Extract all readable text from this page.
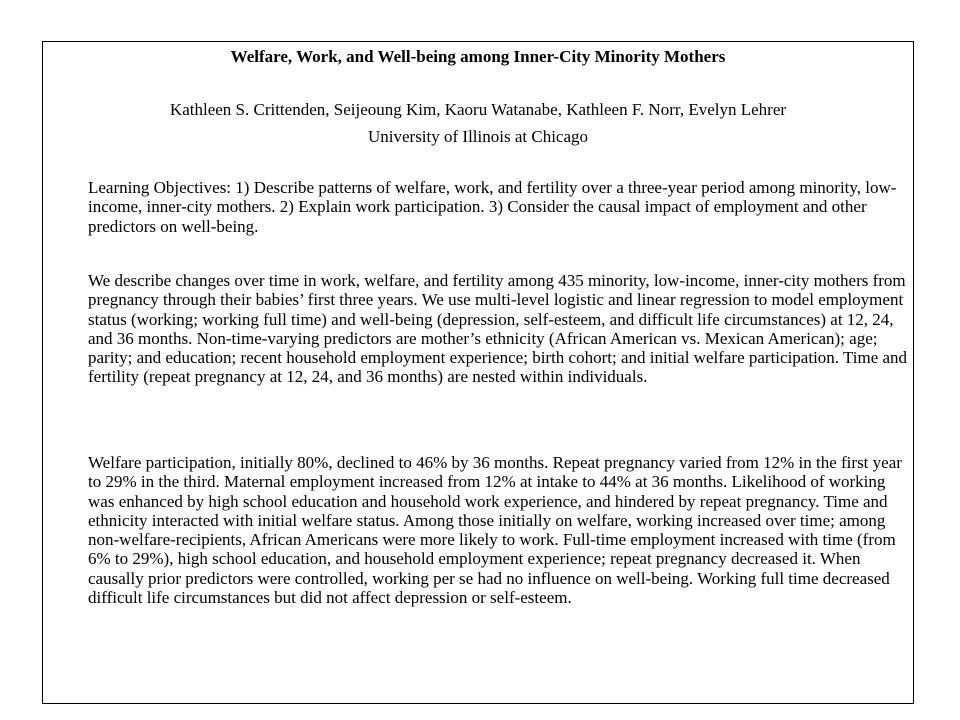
Welfare, Work, and Well-being among Inner-City Minority Mothers
Kathleen S. Crittenden, Seijeoung Kim, Kaoru Watanabe, Kathleen F. Norr, Evelyn Lehrer
University of Illinois at Chicago
Learning Objectives: 1) Describe patterns of welfare, work, and fertility over a three-year period among minority, low-income, inner-city mothers. 2) Explain work participation. 3) Consider the causal impact of employment and other predictors on well-being.
We describe changes over time in work, welfare, and fertility among 435 minority, low-income, inner-city mothers from pregnancy through their babies’ first three years. We use multi-level logistic and linear regression to model employment status (working; working full time) and well-being (depression, self-esteem, and difficult life circumstances) at 12, 24, and 36 months. Non-time-varying predictors are mother’s ethnicity (African American vs. Mexican American); age; parity; and education; recent household employment experience; birth cohort; and initial welfare participation. Time and fertility (repeat pregnancy at 12, 24, and 36 months) are nested within individuals.
Welfare participation, initially 80%, declined to 46% by 36 months. Repeat pregnancy varied from 12% in the first year to 29% in the third. Maternal employment increased from 12% at intake to 44% at 36 months. Likelihood of working was enhanced by high school education and household work experience, and hindered by repeat pregnancy. Time and ethnicity interacted with initial welfare status. Among those initially on welfare, working increased over time; among non-welfare-recipients, African Americans were more likely to work. Full-time employment increased with time (from 6% to 29%), high school education, and household employment experience; repeat pregnancy decreased it. When causally prior predictors were controlled, working per se had no influence on well-being. Working full time decreased difficult life circumstances but did not affect depression or self-esteem.
